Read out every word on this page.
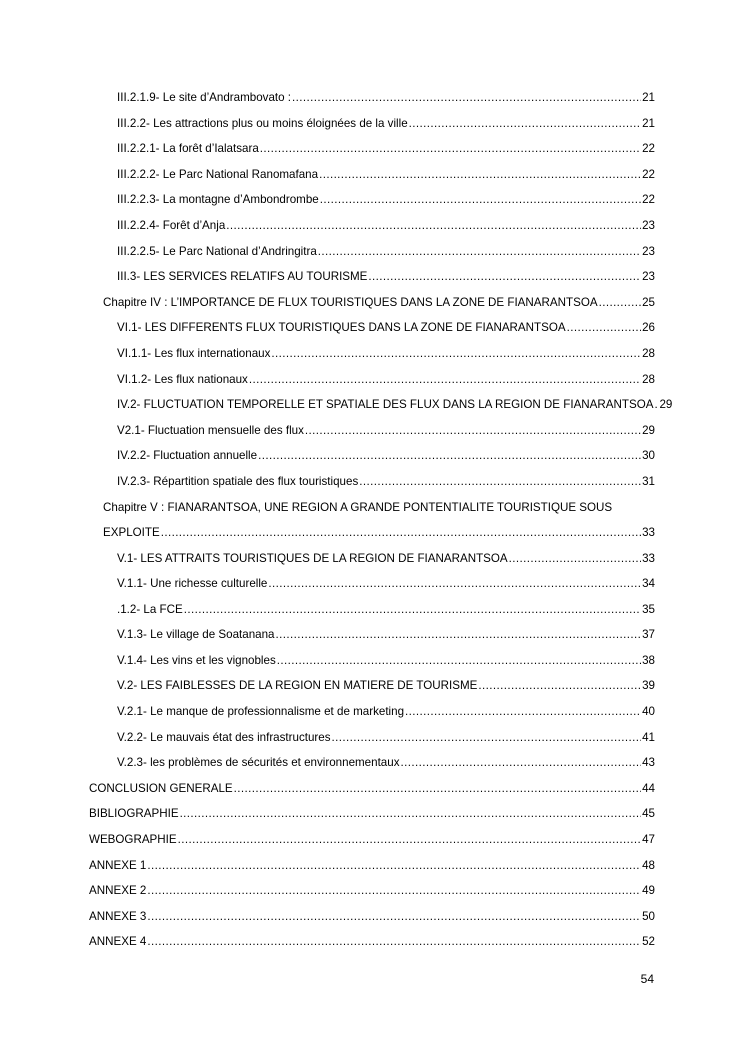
III.2.1.9- Le site d’Andrambovato : .....	21
III.2.2- Les attractions plus ou moins éloignées de la ville .....	21
III.2.2.1- La forêt d’Ialatsara .....	22
III.2.2.2- Le Parc National Ranomafana .....	22
III.2.2.3- La montagne d’Ambondrombe .....	22
III.2.2.4- Forêt d’Anja .....	23
III.2.2.5- Le Parc National d’Andringitra .....	23
III.3- LES SERVICES RELATIFS AU TOURISME .....	23
Chapitre IV : L’IMPORTANCE DE FLUX TOURISTIQUES DANS LA ZONE DE FIANARANTSOA .....	25
VI.1- LES DIFFERENTS FLUX TOURISTIQUES DANS LA ZONE DE FIANARANTSOA .....	26
VI.1.1- Les flux internationaux .....	28
VI.1.2- Les flux nationaux .....	28
IV.2- FLUCTUATION TEMPORELLE ET SPATIALE DES FLUX DANS LA REGION DE FIANARANTSOA ..... 29
V2.1- Fluctuation mensuelle des flux .....	29
IV.2.2- Fluctuation annuelle .....	30
IV.2.3- Répartition spatiale des flux touristiques .....	31
Chapitre V : FIANARANTSOA, UNE REGION A GRANDE PONTENTIALITE TOURISTIQUE SOUS
EXPLOITE .....	33
V.1- LES ATTRAITS TOURISTIQUES DE LA REGION DE FIANARANTSOA .....	33
V.1.1- Une richesse culturelle .....	34
.1.2- La FCE .....	35
V.1.3- Le village de Soatanana .....	37
V.1.4- Les vins et les vignobles .....	38
V.2- LES FAIBLESSES DE LA REGION EN MATIERE DE TOURISME .....	39
V.2.1- Le manque de professionnalisme et de marketing .....	40
V.2.2- Le mauvais état des infrastructures .....	41
V.2.3- les problèmes de sécurités et environnementaux .....	43
CONCLUSION GENERALE .....	44
BIBLIOGRAPHIE .....	45
WEBOGRAPHIE .....	47
ANNEXE 1 .....	48
ANNEXE 2 .....	49
ANNEXE 3 .....	50
ANNEXE 4 .....	52
54
